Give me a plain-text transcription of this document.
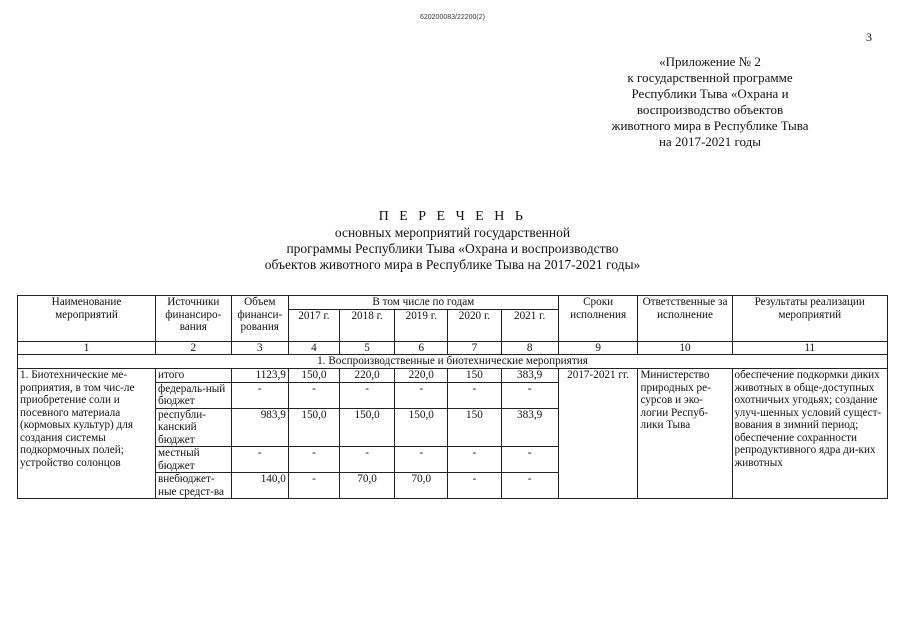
620200083/22200(2)
3
«Приложение № 2
к государственной программе
Республики Тыва «Охрана и
воспроизводство объектов
животного мира в Республике Тыва
на 2017-2021 годы
П Е Р Е Ч Е Н Ь
основных мероприятий государственной
программы Республики Тыва «Охрана и воспроизводство
объектов животного мира в Республике Тыва на 2017-2021 годы»
Наименование мероприятий	Источники финансиро-вания	Объем финанси-рования	В том числе по годам					Сроки исполнения	Ответственные за исполнение	Результаты реализации мероприятий
			2017 г.	2018 г.	2019 г.	2020 г.	2021 г.			
1	2	3	4	5	6	7	8	9	10	11
1. Воспроизводственные и биотехнические мероприятия										
1. Биотехнические ме-роприятия, в том чис-ле приобретение соли и посевного материала (кормовых культур) для создания системы подкормочных полей; устройство солонцов	итого	1123,9	150,0	220,0	220,0	150	383,9	2017-2021 гг.	Министерство природных ре-сурсов и эко-логии Респуб-лики Тыва	обеспечение подкормки диких животных в обще-доступных охотничьих угодьях; создание улуч-шенных условий сущест-вования в зимний период; обеспечение сохранности репродуктивного ядра ди-ких животных
	федераль-ный бюджет	-	-	-	-	-	-			
	республи-канский бюджет	983,9	150,0	150,0	150,0	150	383,9			
	местный бюджет	-	-	-	-	-	-			
	внебюджет-ные средст-ва	140,0	-	70,0	70,0	-	-			
